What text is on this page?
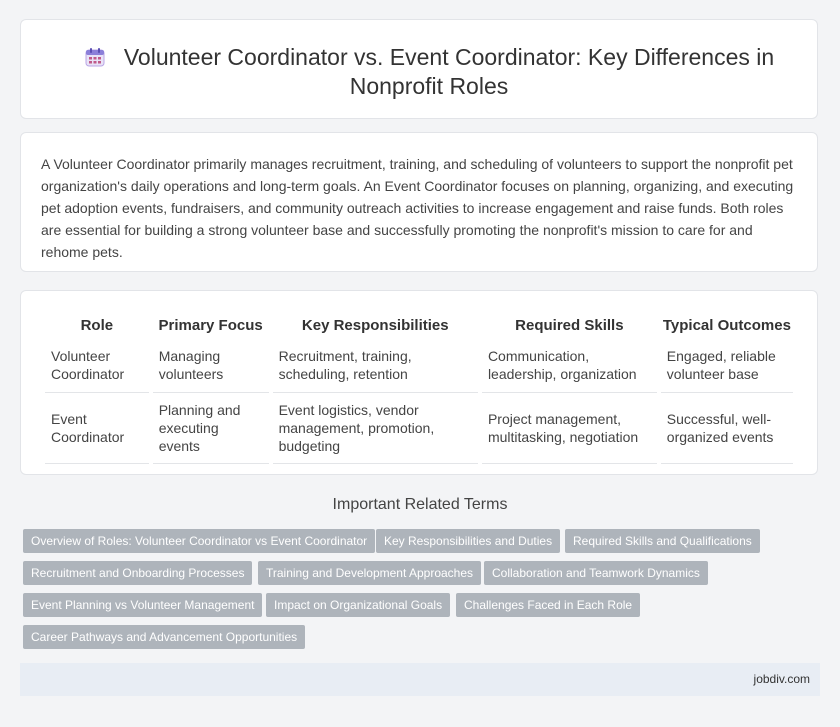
Volunteer Coordinator vs. Event Coordinator: Key Differences in Nonprofit Roles

A Volunteer Coordinator primarily manages recruitment, training, and scheduling of volunteers to support the nonprofit pet organization's daily operations and long-term goals. An Event Coordinator focuses on planning, organizing, and executing pet adoption events, fundraisers, and community outreach activities to increase engagement and raise funds. Both roles are essential for building a strong volunteer base and successfully promoting the nonprofit's mission to care for and rehome pets.

Role	Primary Focus	Key Responsibilities	Required Skills	Typical Outcomes
Volunteer Coordinator	Managing volunteers	Recruitment, training, scheduling, retention	Communication, leadership, organization	Engaged, reliable volunteer base
Event Coordinator	Planning and executing events	Event logistics, vendor management, promotion, budgeting	Project management, multitasking, negotiation	Successful, well-organized events
Important Related Terms
Overview of Roles: Volunteer Coordinator vs Event Coordinator	Key Responsibilities and Duties	Required Skills and Qualifications
Recruitment and Onboarding Processes	Training and Development Approaches	Collaboration and Teamwork Dynamics
Event Planning vs Volunteer Management	Impact on Organizational Goals	Challenges Faced in Each Role
Career Pathways and Advancement Opportunities
jobdiv.com
